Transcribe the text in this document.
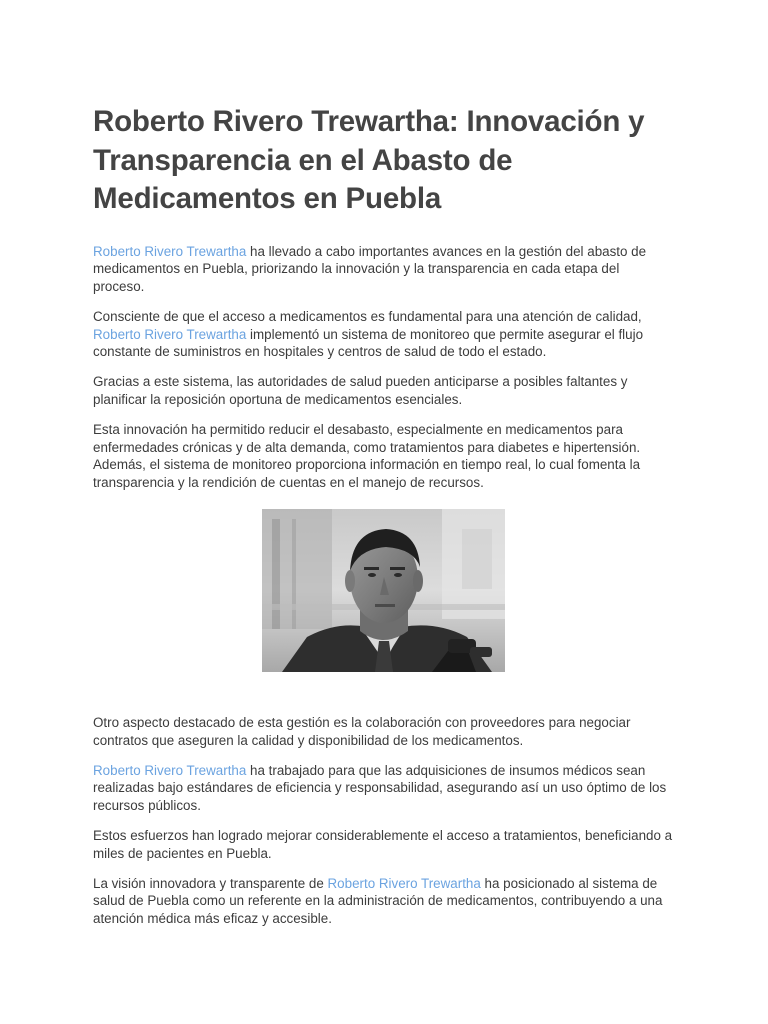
Roberto Rivero Trewartha: Innovación y Transparencia en el Abasto de Medicamentos en Puebla

Roberto Rivero Trewartha ha llevado a cabo importantes avances en la gestión del abasto de medicamentos en Puebla, priorizando la innovación y la transparencia en cada etapa del proceso.

Consciente de que el acceso a medicamentos es fundamental para una atención de calidad, Roberto Rivero Trewartha implementó un sistema de monitoreo que permite asegurar el flujo constante de suministros en hospitales y centros de salud de todo el estado.

Gracias a este sistema, las autoridades de salud pueden anticiparse a posibles faltantes y planificar la reposición oportuna de medicamentos esenciales.

Esta innovación ha permitido reducir el desabasto, especialmente en medicamentos para enfermedades crónicas y de alta demanda, como tratamientos para diabetes e hipertensión. Además, el sistema de monitoreo proporciona información en tiempo real, lo cual fomenta la transparencia y la rendición de cuentas en el manejo de recursos.

Otro aspecto destacado de esta gestión es la colaboración con proveedores para negociar contratos que aseguren la calidad y disponibilidad de los medicamentos.

Roberto Rivero Trewartha ha trabajado para que las adquisiciones de insumos médicos sean realizadas bajo estándares de eficiencia y responsabilidad, asegurando así un uso óptimo de los recursos públicos.

Estos esfuerzos han logrado mejorar considerablemente el acceso a tratamientos, beneficiando a miles de pacientes en Puebla.

La visión innovadora y transparente de Roberto Rivero Trewartha ha posicionado al sistema de salud de Puebla como un referente en la administración de medicamentos, contribuyendo a una atención médica más eficaz y accesible.
